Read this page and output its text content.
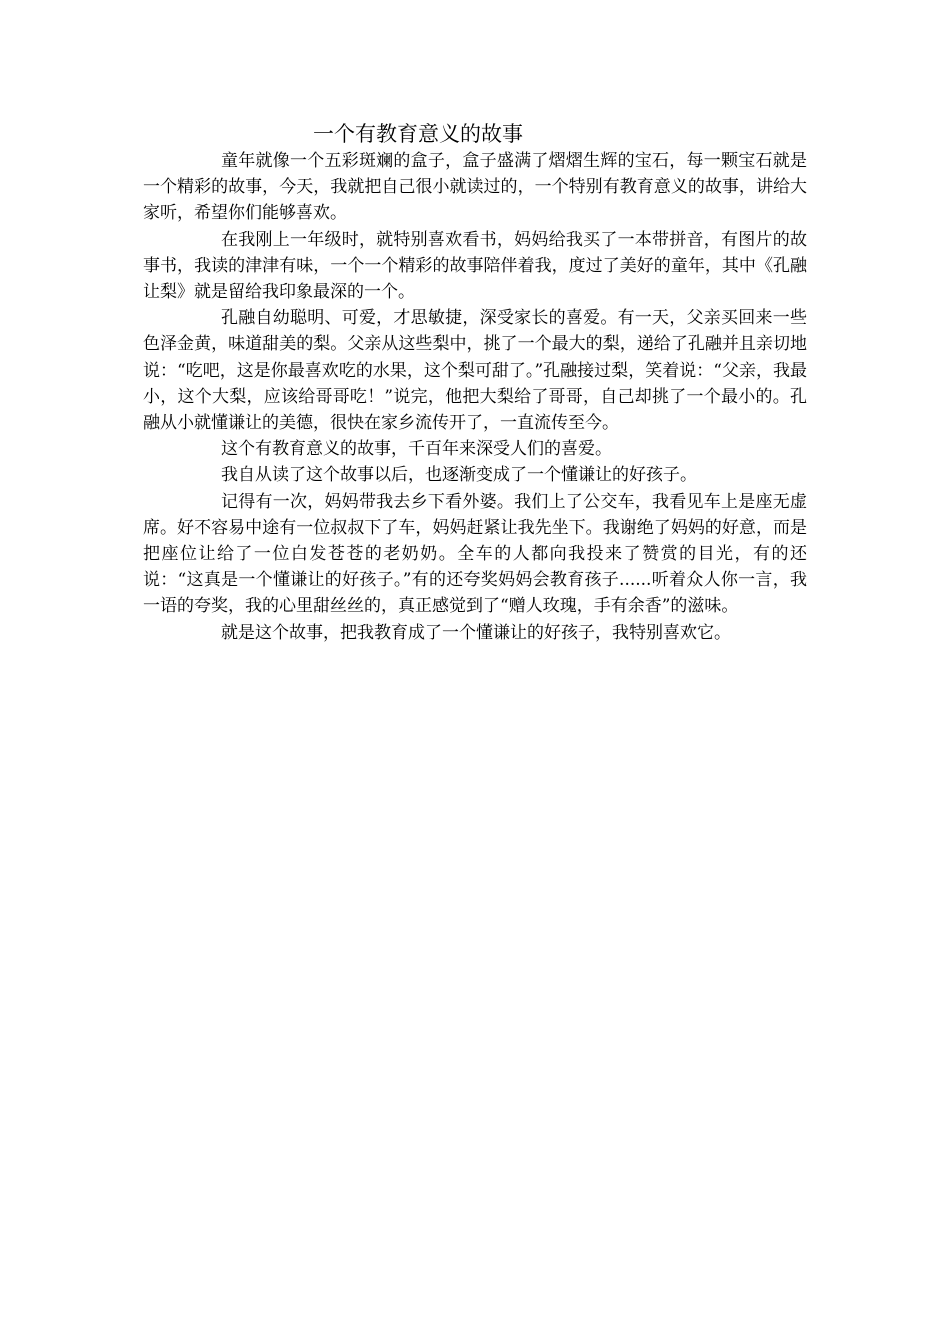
一个有教育意义的故事

童年就像一个五彩斑斓的盒子，盒子盛满了熠熠生辉的宝石，每一颗宝石就是一个精彩的故事，今天，我就把自己很小就读过的，一个特别有教育意义的故事，讲给大家听，希望你们能够喜欢。

在我刚上一年级时，就特别喜欢看书，妈妈给我买了一本带拼音，有图片的故事书，我读的津津有味，一个一个精彩的故事陪伴着我，度过了美好的童年，其中《孔融让梨》就是留给我印象最深的一个。

孔融自幼聪明、可爱，才思敏捷，深受家长的喜爱。有一天，父亲买回来一些色泽金黄，味道甜美的梨。父亲从这些梨中，挑了一个最大的梨，递给了孔融并且亲切地说：“吃吧，这是你最喜欢吃的水果，这个梨可甜了。”孔融接过梨，笑着说：“父亲，我最小，这个大梨，应该给哥哥吃！”说完，他把大梨给了哥哥，自己却挑了一个最小的。孔融从小就懂谦让的美德，很快在家乡流传开了，一直流传至今。

这个有教育意义的故事，千百年来深受人们的喜爱。

我自从读了这个故事以后，也逐渐变成了一个懂谦让的好孩子。

记得有一次，妈妈带我去乡下看外婆。我们上了公交车，我看见车上是座无虚席。好不容易中途有一位叔叔下了车，妈妈赶紧让我先坐下。我谢绝了妈妈的好意，而是把座位让给了一位白发苍苍的老奶奶。全车的人都向我投来了赞赏的目光，有的还说：“这真是一个懂谦让的好孩子。”有的还夸奖妈妈会教育孩子......听着众人你一言，我一语的夸奖，我的心里甜丝丝的，真正感觉到了“赠人玫瑰，手有余香”的滋味。

就是这个故事，把我教育成了一个懂谦让的好孩子，我特别喜欢它。
